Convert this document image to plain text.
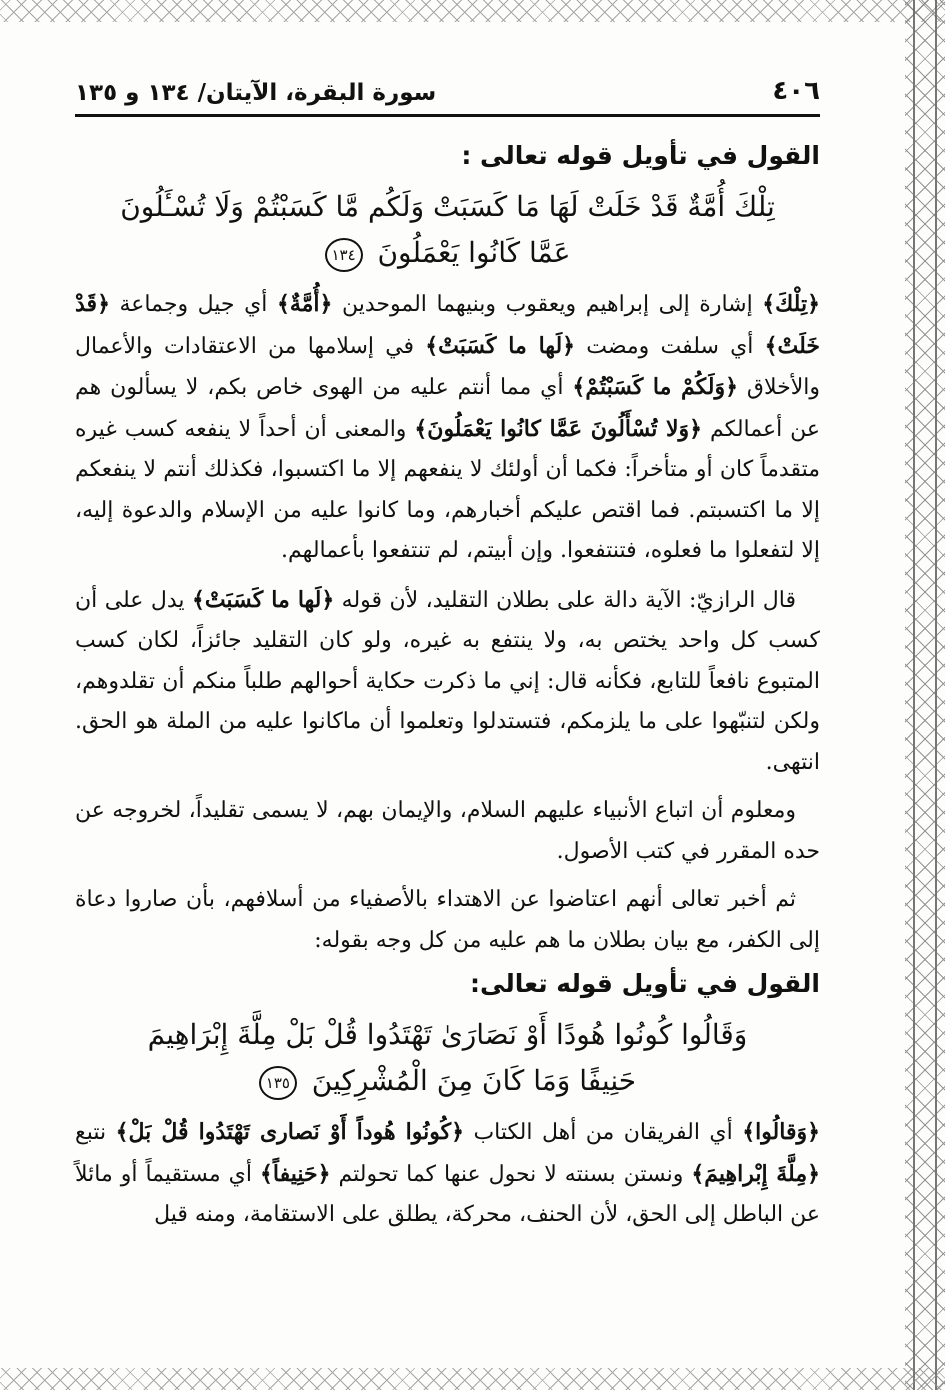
٤٠٦
سورة البقرة، الآيتان/ ١٣٤ و ١٣٥
القول في تأويل قوله تعالى :
تِلْكَ أُمَّةٌ قَدْ خَلَتْ لَهَا مَا كَسَبَتْ وَلَكُم مَّا كَسَبْتُمْ وَلَا تُسْـَٔلُونَ
عَمَّا كَانُوا يَعْمَلُونَ ١٣٤

﴿تِلْكَ﴾ إشارة إلى إبراهيم ويعقوب وبنيهما الموحدين ﴿أُمَّةٌ﴾ أي جيل وجماعة ﴿قَدْ خَلَتْ﴾ أي سلفت ومضت ﴿لَها ما كَسَبَتْ﴾ في إسلامها من الاعتقادات والأعمال والأخلاق ﴿وَلَكُمْ ما كَسَبْتُمْ﴾ أي مما أنتم عليه من الهوى خاص بكم، لا يسألون هم عن أعمالكم ﴿وَلا تُسْأَلُونَ عَمَّا كانُوا يَعْمَلُونَ﴾ والمعنى أن أحداً لا ينفعه كسب غيره متقدماً كان أو متأخراً: فكما أن أولئك لا ينفعهم إلا ما اكتسبوا، فكذلك أنتم لا ينفعكم إلا ما اكتسبتم. فما اقتص عليكم أخبارهم، وما كانوا عليه من الإسلام والدعوة إليه، إلا لتفعلوا ما فعلوه، فتنتفعوا. وإن أبيتم، لم تنتفعوا بأعمالهم.

قال الرازيّ: الآية دالة على بطلان التقليد، لأن قوله ﴿لَها ما كَسَبَتْ﴾ يدل على أن كسب كل واحد يختص به، ولا ينتفع به غيره، ولو كان التقليد جائزاً، لكان كسب المتبوع نافعاً للتابع، فكأنه قال: إني ما ذكرت حكاية أحوالهم طلباً منكم أن تقلدوهم، ولكن لتنبّهوا على ما يلزمكم، فتستدلوا وتعلموا أن ماكانوا عليه من الملة هو الحق. انتهى.

ومعلوم أن اتباع الأنبياء عليهم السلام، والإيمان بهم، لا يسمى تقليداً، لخروجه عن حده المقرر في كتب الأصول.

ثم أخبر تعالى أنهم اعتاضوا عن الاهتداء بالأصفياء من أسلافهم، بأن صاروا دعاة إلى الكفر، مع بيان بطلان ما هم عليه من كل وجه بقوله:

القول في تأويل قوله تعالى:
وَقَالُوا كُونُوا هُودًا أَوْ نَصَارَىٰ تَهْتَدُوا قُلْ بَلْ مِلَّةَ إِبْرَاهِيمَ
حَنِيفًا وَمَا كَانَ مِنَ الْمُشْرِكِينَ ١٣٥

﴿وَقالُوا﴾ أي الفريقان من أهل الكتاب ﴿كُونُوا هُوداً أَوْ نَصارى تَهْتَدُوا قُلْ بَلْ﴾ نتبع ﴿مِلَّةَ إِبْراهِيمَ﴾ ونستن بسنته لا نحول عنها كما تحولتم ﴿حَنِيفاً﴾ أي مستقيماً أو مائلاً عن الباطل إلى الحق، لأن الحنف، محركة، يطلق على الاستقامة، ومنه قيل
